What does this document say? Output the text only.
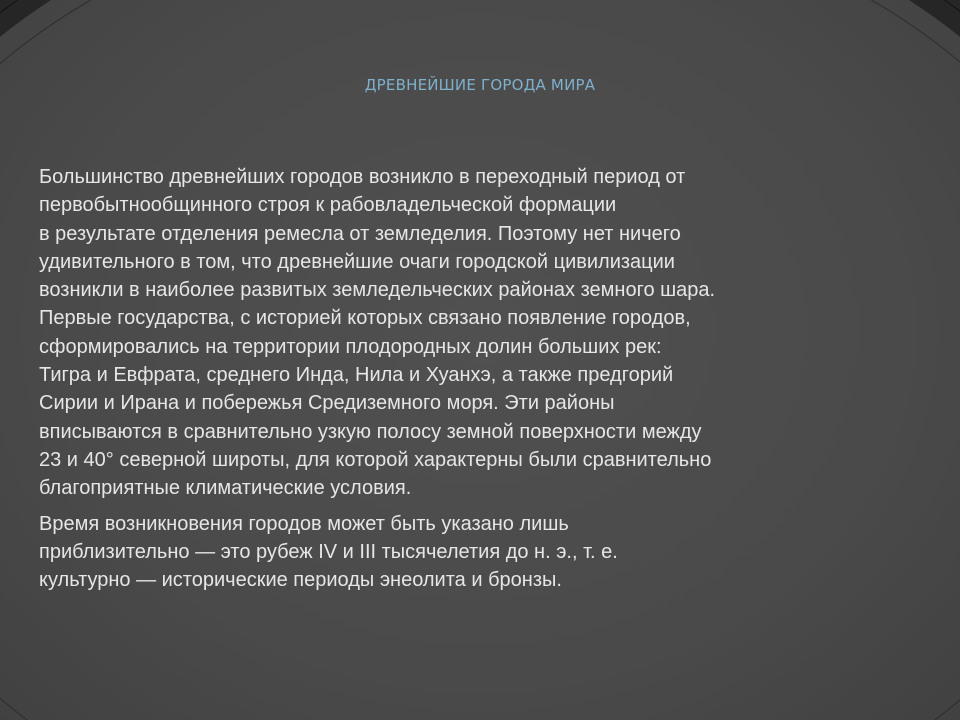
ДРЕВНЕЙШИЕ ГОРОДА МИРА

Большинство древнейших городов возникло в переходный период от
первобытнообщинного строя к рабовладельческой формации
в результате отделения ремесла от земледелия. Поэтому нет ничего
удивительного в том, что древнейшие очаги городской цивилизации
возникли в наиболее развитых земледельческих районах земного шара.
Первые государства, с историей которых связано появление городов,
сформировались на территории плодородных долин больших рек:
Тигра и Евфрата, среднего Инда, Нила и Хуанхэ, а также предгорий
Сирии и Ирана и побережья Средиземного моря. Эти районы
вписываются в сравнительно узкую полосу земной поверхности между
23 и 40° северной широты, для которой характерны были сравнительно
благоприятные климатические условия.

Время возникновения городов может быть указано лишь
приблизительно — это рубеж IV и III тысячелетия до н. э., т. е.
культурно — исторические периоды энеолита и бронзы.
